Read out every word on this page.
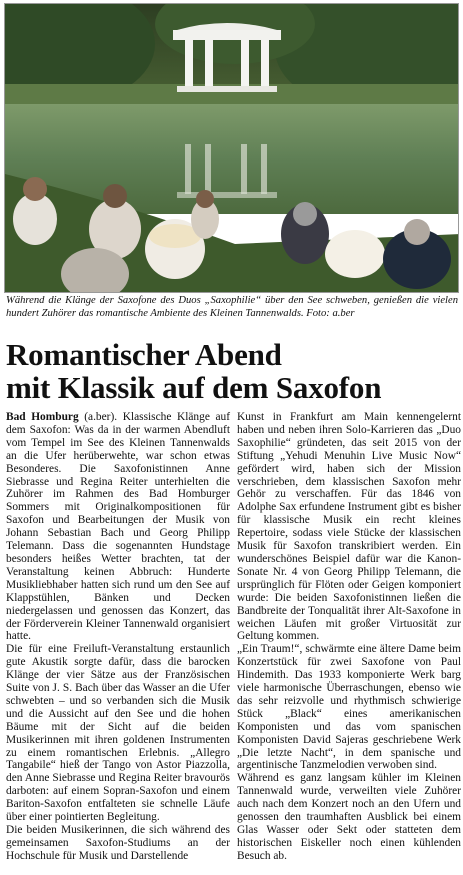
Während die Klänge der Saxofone des Duos „Saxophilie“ über den See schweben, genießen die vielen hundert Zuhörer das romantische Ambiente des Kleinen Tannenwalds. Foto: a.ber
Romantischer Abend
mit Klassik auf dem Saxofon

Bad Homburg (a.ber). Klassische Klänge auf dem Saxofon: Was da in der warmen Abendluft vom Tempel im See des Kleinen Tannenwalds an die Ufer herüberwehte, war schon etwas Besonderes. Die Saxofonistinnen Anne Siebrasse und Regina Reiter unterhielten die Zuhörer im Rahmen des Bad Homburger Sommers mit Originalkompositionen für Saxofon und Bearbeitungen der Musik von Johann Sebastian Bach und Georg Philipp Telemann. Dass die sogenannten Hundstage besonders heißes Wetter brachten, tat der Veranstaltung keinen Abbruch: Hunderte Musikliebhaber hatten sich rund um den See auf Klappstühlen, Bänken und Decken niedergelassen und genossen das Konzert, das der Förderverein Kleiner Tannenwald organisiert hatte.

Die für eine Freiluft-Veranstaltung erstaunlich gute Akustik sorgte dafür, dass die barocken Klänge der vier Sätze aus der Französischen Suite von J. S. Bach über das Wasser an die Ufer schwebten – und so verbanden sich die Musik und die Aussicht auf den See und die hohen Bäume mit der Sicht auf die beiden Musikerinnen mit ihren goldenen Instrumenten zu einem romantischen Erlebnis. „Allegro Tangabile“ hieß der Tango von Astor Piazzolla, den Anne Siebrasse und Regina Reiter bravourös darboten: auf einem Sopran-Saxofon und einem Bariton-Saxofon entfalteten sie schnelle Läufe über einer pointierten Begleitung.

Die beiden Musikerinnen, die sich während des gemeinsamen Saxofon-Studiums an der Hochschule für Musik und Darstellende

Kunst in Frankfurt am Main kennengelernt haben und neben ihren Solo-Karrieren das „Duo Saxophilie“ gründeten, das seit 2015 von der Stiftung „Yehudi Menuhin Live Music Now“ gefördert wird, haben sich der Mission verschrieben, dem klassischen Saxofon mehr Gehör zu verschaffen. Für das 1846 von Adolphe Sax erfundene Instrument gibt es bisher für klassische Musik ein recht kleines Repertoire, sodass viele Stücke der klassischen Musik für Saxofon transkribiert werden. Ein wunderschönes Beispiel dafür war die Kanon-Sonate Nr. 4 von Georg Philipp Telemann, die ursprünglich für Flöten oder Geigen komponiert wurde: Die beiden Saxofonistinnen ließen die Bandbreite der Tonqualität ihrer Alt-Saxofone in weichen Läufen mit großer Virtuosität zur Geltung kommen.

„Ein Traum!“, schwärmte eine ältere Dame beim Konzertstück für zwei Saxofone von Paul Hindemith. Das 1933 komponierte Werk barg viele harmonische Überraschungen, ebenso wie das sehr reizvolle und rhythmisch schwierige Stück „Black“ eines amerikanischen Komponisten und das vom spanischen Komponisten David Sajeras geschriebene Werk „Die letzte Nacht“, in dem spanische und argentinische Tanzmelodien verwoben sind.

Während es ganz langsam kühler im Kleinen Tannenwald wurde, verweilten viele Zuhörer auch nach dem Konzert noch an den Ufern und genossen den traumhaften Ausblick bei einem Glas Wasser oder Sekt oder statteten dem historischen Eiskeller noch einen kühlenden Besuch ab.
